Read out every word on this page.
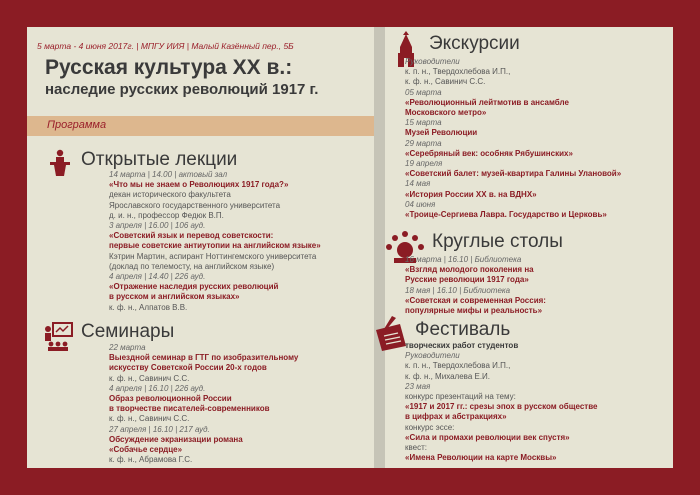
5 марта - 4 июня 2017г. | МПГУ ИИЯ | Малый Казённый пер., 5Б
Русская культура XX в.:
наследие русских революций 1917 г.
Программа
Открытые лекции
14 марта | 14.00 | актовый зал
«Что мы не знаем о Революциях 1917 года?»
декан исторического факультета
Ярославского государственного университета
д. и. н., профессор Федюк В.П.
3 апреля | 16.00 | 106 ауд.
«Советский язык и перевод советскости:
первые советские антиутопии на английском языке»
Кэтрин Мартин, аспирант Ноттингемского университета
(доклад по телемосту, на английском языке)
4 апреля | 14.40 | 226 ауд.
«Отражение наследия русских революций
в русском и английском языках»
к. ф. н., Алпатов В.В.
Семинары
22 марта
Выездной семинар в ГТГ по изобразительному
искусству Советской России 20-х годов
к. ф. н., Савинич С.С.
4 апреля | 16.10 | 226 ауд.
Образ революционной России
в творчестве писателей-современников
к. ф. н., Савинич С.С.
27 апреля | 16.10 | 217 ауд.
Обсуждение экранизации романа
«Собачье сердце»
к. ф. н., Абрамова Г.С.
Экскурсии
Руководители
к. п. н., Твердохлебова И.П.,
к. ф. н., Савинич С.С.
05 марта
«Революционный лейтмотив в ансамбле
Московского метро»
15 марта
Музей Революции
29 марта
«Серебряный век: особняк Рябушинских»
19 апреля
«Советский балет: музей-квартира Галины Улановой»
14 мая
«История России XX в. на ВДНХ»
04 июня
«Троице-Сергиева Лавра. Государство и Церковь»
Круглые столы
16 марта | 16.10 | Библиотека
«Взгляд молодого поколения на
Русские революции 1917 года»
18 мая | 16.10 | Библиотека
«Советская и современная Россия:
популярные мифы и реальность»
Фестиваль
творческих работ студентов
Руководители
к. п. н., Твердохлебова И.П.,
к. ф. н., Михалева Е.И.
23 мая
конкурс презентаций на тему:
«1917 и 2017 гг.: срезы эпох в русском обществе
в цифрах и абстракциях»
конкурс эссе:
«Сила и промахи революции век спустя»
квест:
«Имена Революции на карте Москвы»
